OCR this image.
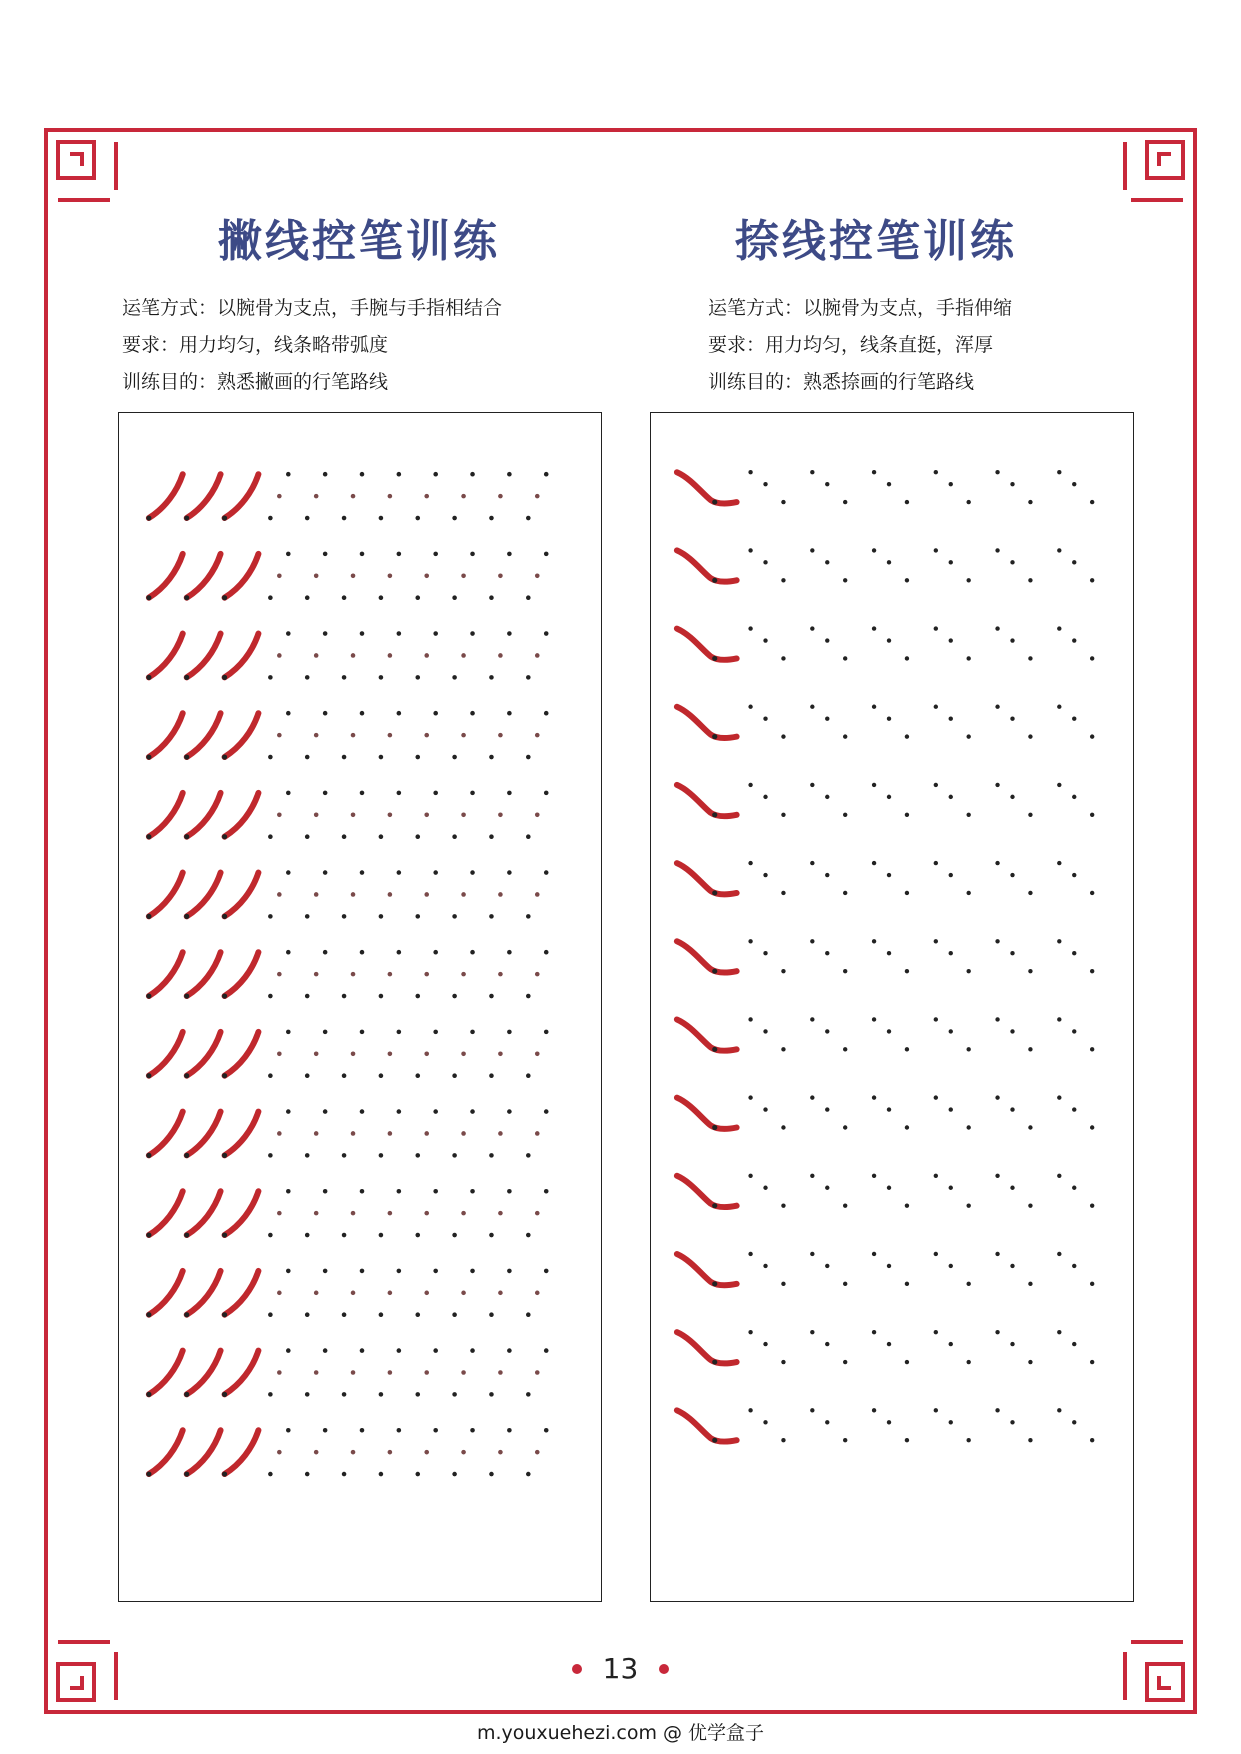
撇线控笔训练	捺线控笔训练
运笔方式：以腕骨为支点，手腕与手指相结合
要求：用力均匀，线条略带弧度
训练目的：熟悉撇画的行笔路线
运笔方式：以腕骨为支点，手指伸缩
要求：用力均匀，线条直挺，浑厚
训练目的：熟悉捺画的行笔路线
13
m.youxuehezi.com @ 优学盒子
